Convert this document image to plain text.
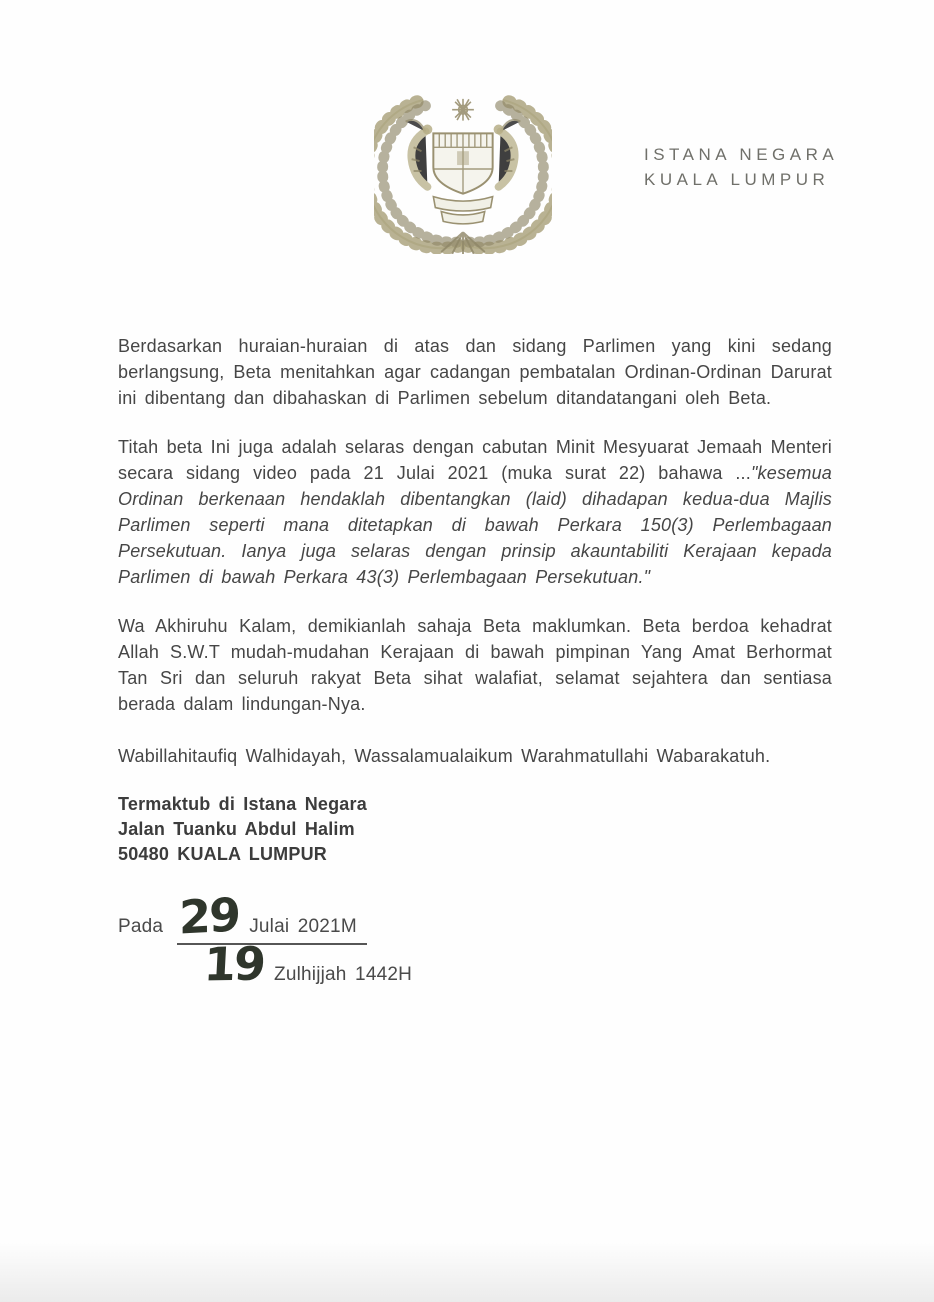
ISTANA NEGARA
KUALA LUMPUR

Berdasarkan huraian-huraian di atas dan sidang Parlimen yang kini sedang berlangsung, Beta menitahkan agar cadangan pembatalan Ordinan-Ordinan Darurat ini dibentang dan dibahaskan di Parlimen sebelum ditandatangani oleh Beta.

Titah beta Ini juga adalah selaras dengan cabutan Minit Mesyuarat Jemaah Menteri secara sidang video pada 21 Julai 2021 (muka surat 22) bahawa ..."kesemua Ordinan berkenaan hendaklah dibentangkan (laid) dihadapan kedua-dua Majlis Parlimen seperti mana ditetapkan di bawah Perkara 150(3) Perlembagaan Persekutuan. Ianya juga selaras dengan prinsip akauntabiliti Kerajaan kepada Parlimen di bawah Perkara 43(3) Perlembagaan Persekutuan."

Wa Akhiruhu Kalam, demikianlah sahaja Beta maklumkan. Beta berdoa kehadrat Allah S.W.T mudah-mudahan Kerajaan di bawah pimpinan Yang Amat Berhormat Tan Sri dan seluruh rakyat Beta sihat walafiat, selamat sejahtera dan sentiasa berada dalam lindungan-Nya.

Wabillahitaufiq Walhidayah, Wassalamualaikum Warahmatullahi Wabarakatuh.

Termaktub di Istana Negara
Jalan Tuanku Abdul Halim
50480 KUALA LUMPUR
Pada 29 Julai 2021M
19 Zulhijjah 1442H
